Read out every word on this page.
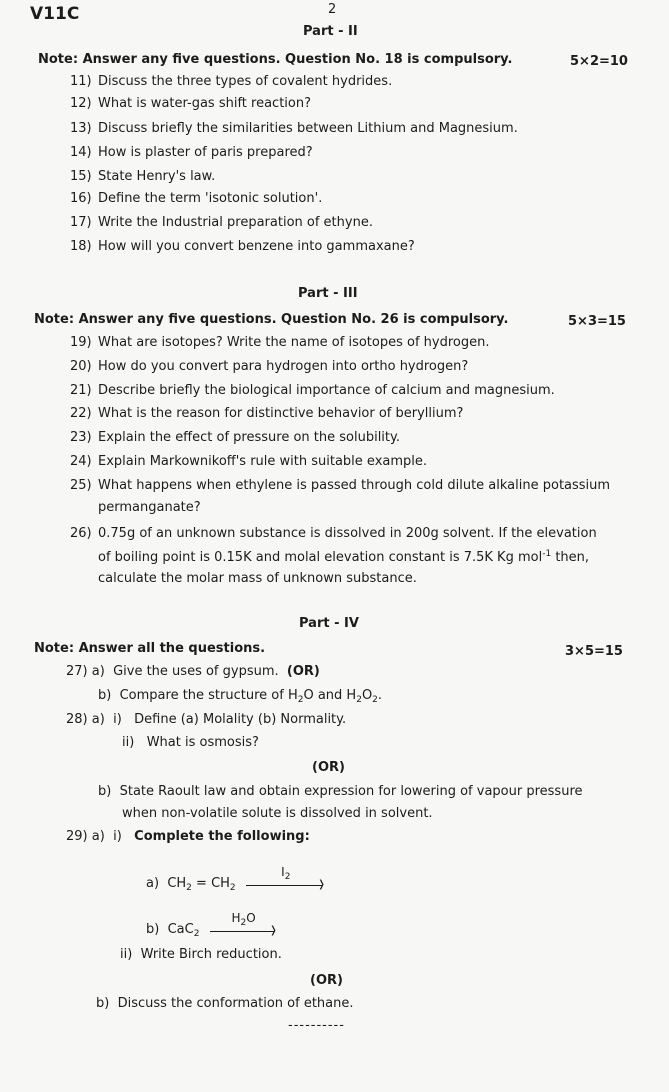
V11C	2
Part - II
Note: Answer any five questions. Question No. 18 is compulsory.	5×2=10
11) Discuss the three types of covalent hydrides.
12) What is water-gas shift reaction?
13) Discuss briefly the similarities between Lithium and Magnesium.
14) How is plaster of paris prepared?
15) State Henry's law.
16) Define the term 'isotonic solution'.
17) Write the Industrial preparation of ethyne.
18) How will you convert benzene into gammaxane?
Part - III
Note: Answer any five questions. Question No. 26 is compulsory.	5×3=15
19) What are isotopes? Write the name of isotopes of hydrogen.
20) How do you convert para hydrogen into ortho hydrogen?
21) Describe briefly the biological importance of calcium and magnesium.
22) What is the reason for distinctive behavior of beryllium?
23) Explain the effect of pressure on the solubility.
24) Explain Markownikoff's rule with suitable example.
25) What happens when ethylene is passed through cold dilute alkaline potassium
permanganate?
26) 0.75g of an unknown substance is dissolved in 200g solvent. If the elevation
of boiling point is 0.15K and molal elevation constant is 7.5K Kg mol$^{-1}$ then,
calculate the molar mass of unknown substance.
Part - IV
Note: Answer all the questions.	3×5=15
27) a) Give the uses of gypsum. (OR)
b) Compare the structure of $H_2O$ and $H_2O_2$.
28) a) i) Define (a) Molality (b) Normality.
ii) What is osmosis?
(OR)
b) State Raoult law and obtain expression for lowering of vapour pressure
when non-volatile solute is dissolved in solvent.
29) a) i) Complete the following:
a) $CH_2 = CH_2$
$I_2$
❭
b) CaC$_2$
$H_2O$
❭
ii) Write Birch reduction.
(OR)
b) Discuss the conformation of ethane.
----------
